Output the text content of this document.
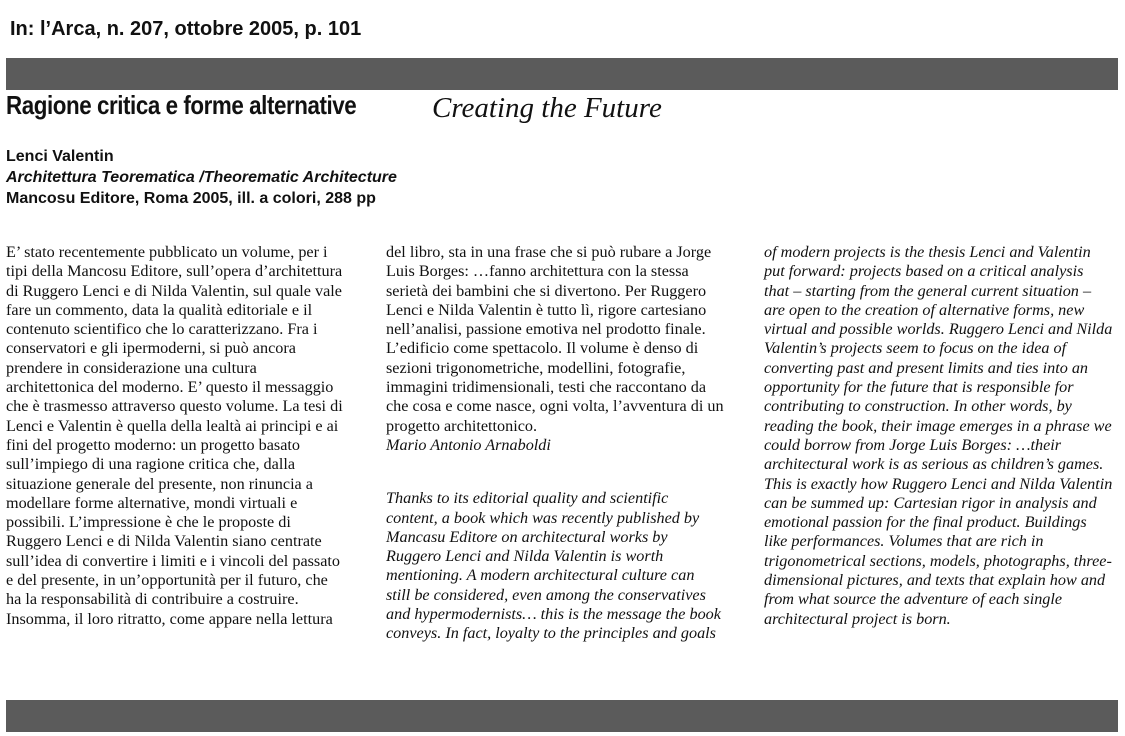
In: l’Arca, n. 207, ottobre 2005, p. 101
Ragione critica e forme alternative	Creating the Future
Lenci Valentin
Architettura Teorematica /Theorematic Architecture
Mancosu Editore, Roma 2005, ill. a colori, 288 pp
E’ stato recentemente pubblicato un volume, per i
tipi della Mancosu Editore, sull’opera d’architettura
di Ruggero Lenci e di Nilda Valentin, sul quale vale
fare un commento, data la qualità editoriale e il
contenuto scientifico che lo caratterizzano. Fra i
conservatori e gli ipermoderni, si può ancora
prendere in considerazione una cultura
architettonica del moderno. E’ questo il messaggio
che è trasmesso attraverso questo volume. La tesi di
Lenci e Valentin è quella della lealtà ai principi e ai
fini del progetto moderno: un progetto basato
sull’impiego di una ragione critica che, dalla
situazione generale del presente, non rinuncia a
modellare forme alternative, mondi virtuali e
possibili. L’impressione è che le proposte di
Ruggero Lenci e di Nilda Valentin siano centrate
sull’idea di convertire i limiti e i vincoli del passato
e del presente, in un’opportunità per il futuro, che
ha la responsabilità di contribuire a costruire.
Insomma, il loro ritratto, come appare nella lettura
del libro, sta in una frase che si può rubare a Jorge
Luis Borges: …fanno architettura con la stessa
serietà dei bambini che si divertono. Per Ruggero
Lenci e Nilda Valentin è tutto lì, rigore cartesiano
nell’analisi, passione emotiva nel prodotto finale.
L’edificio come spettacolo. Il volume è denso di
sezioni trigonometriche, modellini, fotografie,
immagini tridimensionali, testi che raccontano da
che cosa e come nasce, ogni volta, l’avventura di un
progetto architettonico.
Mario Antonio Arnaboldi
Thanks to its editorial quality and scientific
content, a book which was recently published by
Mancasu Editore on architectural works by
Ruggero Lenci and Nilda Valentin is worth
mentioning. A modern architectural culture can
still be considered, even among the conservatives
and hypermodernists… this is the message the book
conveys. In fact, loyalty to the principles and goals
of modern projects is the thesis Lenci and Valentin
put forward: projects based on a critical analysis
that – starting from the general current situation –
are open to the creation of alternative forms, new
virtual and possible worlds. Ruggero Lenci and Nilda
Valentin’s projects seem to focus on the idea of
converting past and present limits and ties into an
opportunity for the future that is responsible for
contributing to construction. In other words, by
reading the book, their image emerges in a phrase we
could borrow from Jorge Luis Borges: …their
architectural work is as serious as children’s games.
This is exactly how Ruggero Lenci and Nilda Valentin
can be summed up: Cartesian rigor in analysis and
emotional passion for the final product. Buildings
like performances. Volumes that are rich in
trigonometrical sections, models, photographs, three-
dimensional pictures, and texts that explain how and
from what source the adventure of each single
architectural project is born.
